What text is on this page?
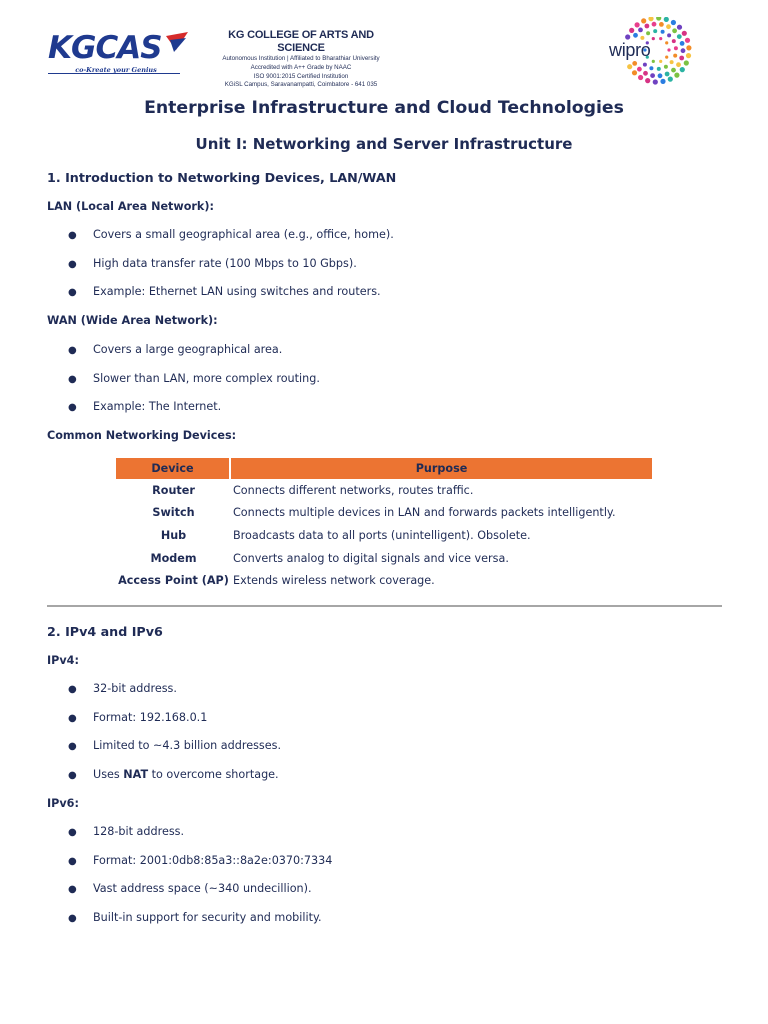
KGCAS
co-Kreate your Genius
KG COLLEGE OF ARTS AND SCIENCE
Autonomous Institution | Affiliated to Bharathiar University
Accredited with A++ Grade by NAAC
ISO 9001:2015 Certified Institution
KGiSL Campus, Saravanampatti, Coimbatore - 641 035
wipro
Enterprise Infrastructure and Cloud Technologies
Unit I: Networking and Server Infrastructure
1. Introduction to Networking Devices, LAN/WAN
LAN (Local Area Network):
● Covers a small geographical area (e.g., office, home).
● High data transfer rate (100 Mbps to 10 Gbps).
● Example: Ethernet LAN using switches and routers.
WAN (Wide Area Network):
● Covers a large geographical area.
● Slower than LAN, more complex routing.
● Example: The Internet.
Common Networking Devices:
Device	Purpose
Router	Connects different networks, routes traffic.
Switch	Connects multiple devices in LAN and forwards packets intelligently.
Hub	Broadcasts data to all ports (unintelligent). Obsolete.
Modem	Converts analog to digital signals and vice versa.
Access Point (AP)	Extends wireless network coverage.
2. IPv4 and IPv6
IPv4:
● 32-bit address.
● Format: 192.168.0.1
● Limited to ~4.3 billion addresses.
● Uses NAT to overcome shortage.
IPv6:
● 128-bit address.
● Format: 2001:0db8:85a3::8a2e:0370:7334
● Vast address space (~340 undecillion).
● Built-in support for security and mobility.
